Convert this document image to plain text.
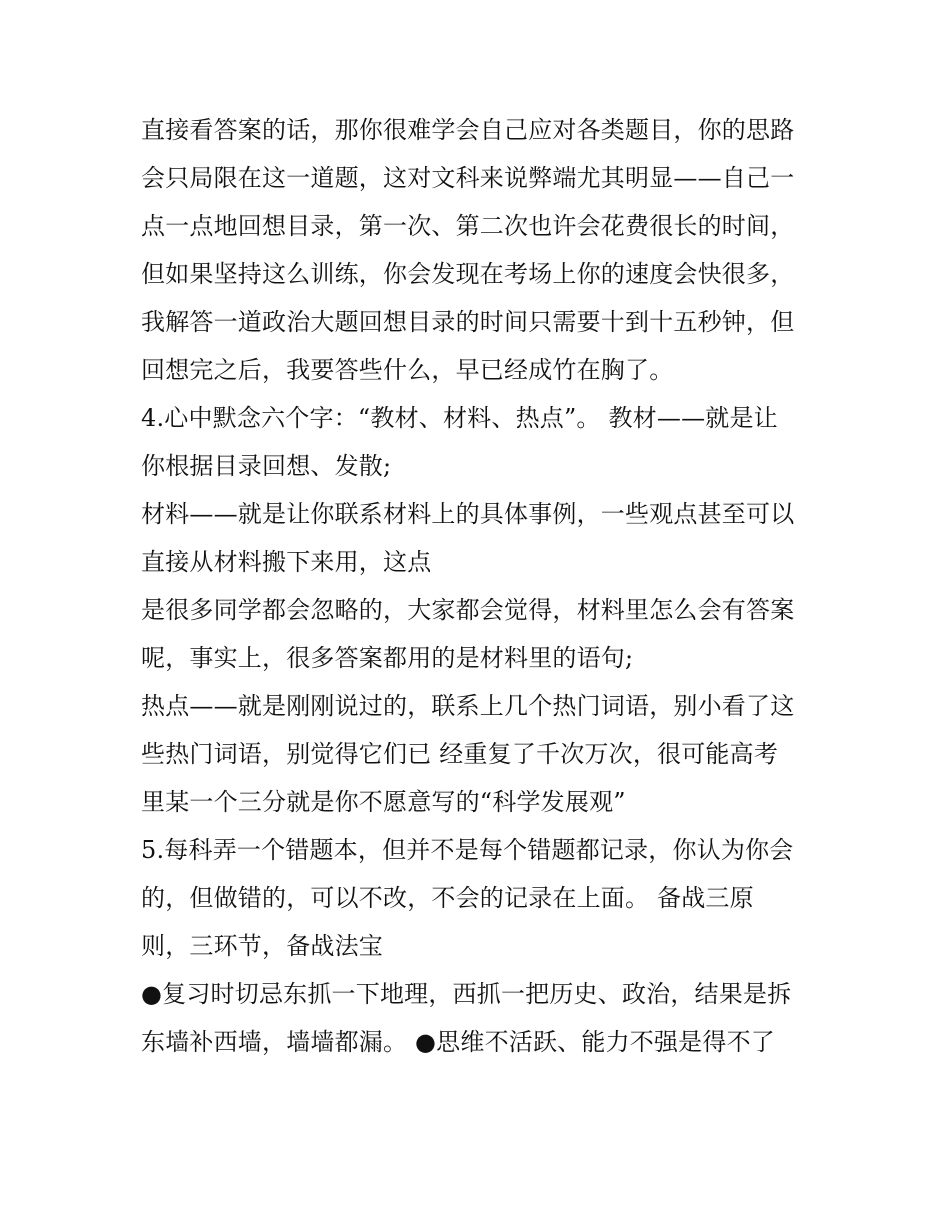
直接看答案的话，那你很难学会自己应对各类题目，你的思路
会只局限在这一道题，这对文科来说弊端尤其明显——自己一
点一点地回想目录，第一次、第二次也许会花费很长的时间，
但如果坚持这么训练，你会发现在考场上你的速度会快很多，
我解答一道政治大题回想目录的时间只需要十到十五秒钟，但
回想完之后，我要答些什么，早已经成竹在胸了。
4.心中默念六个字：“教材、材料、热点”。 教材——就是让
你根据目录回想、发散;
材料——就是让你联系材料上的具体事例，一些观点甚至可以
直接从材料搬下来用，这点
是很多同学都会忽略的，大家都会觉得，材料里怎么会有答案
呢，事实上，很多答案都用的是材料里的语句;
热点——就是刚刚说过的，联系上几个热门词语，别小看了这
些热门词语，别觉得它们已 经重复了千次万次，很可能高考
里某一个三分就是你不愿意写的“科学发展观”
5.每科弄一个错题本，但并不是每个错题都记录，你认为你会
的，但做错的，可以不改，不会的记录在上面。 备战三原
则，三环节，备战法宝
●复习时切忌东抓一下地理，西抓一把历史、政治，结果是拆
东墙补西墙，墙墙都漏。 ●思维不活跃、能力不强是得不了
